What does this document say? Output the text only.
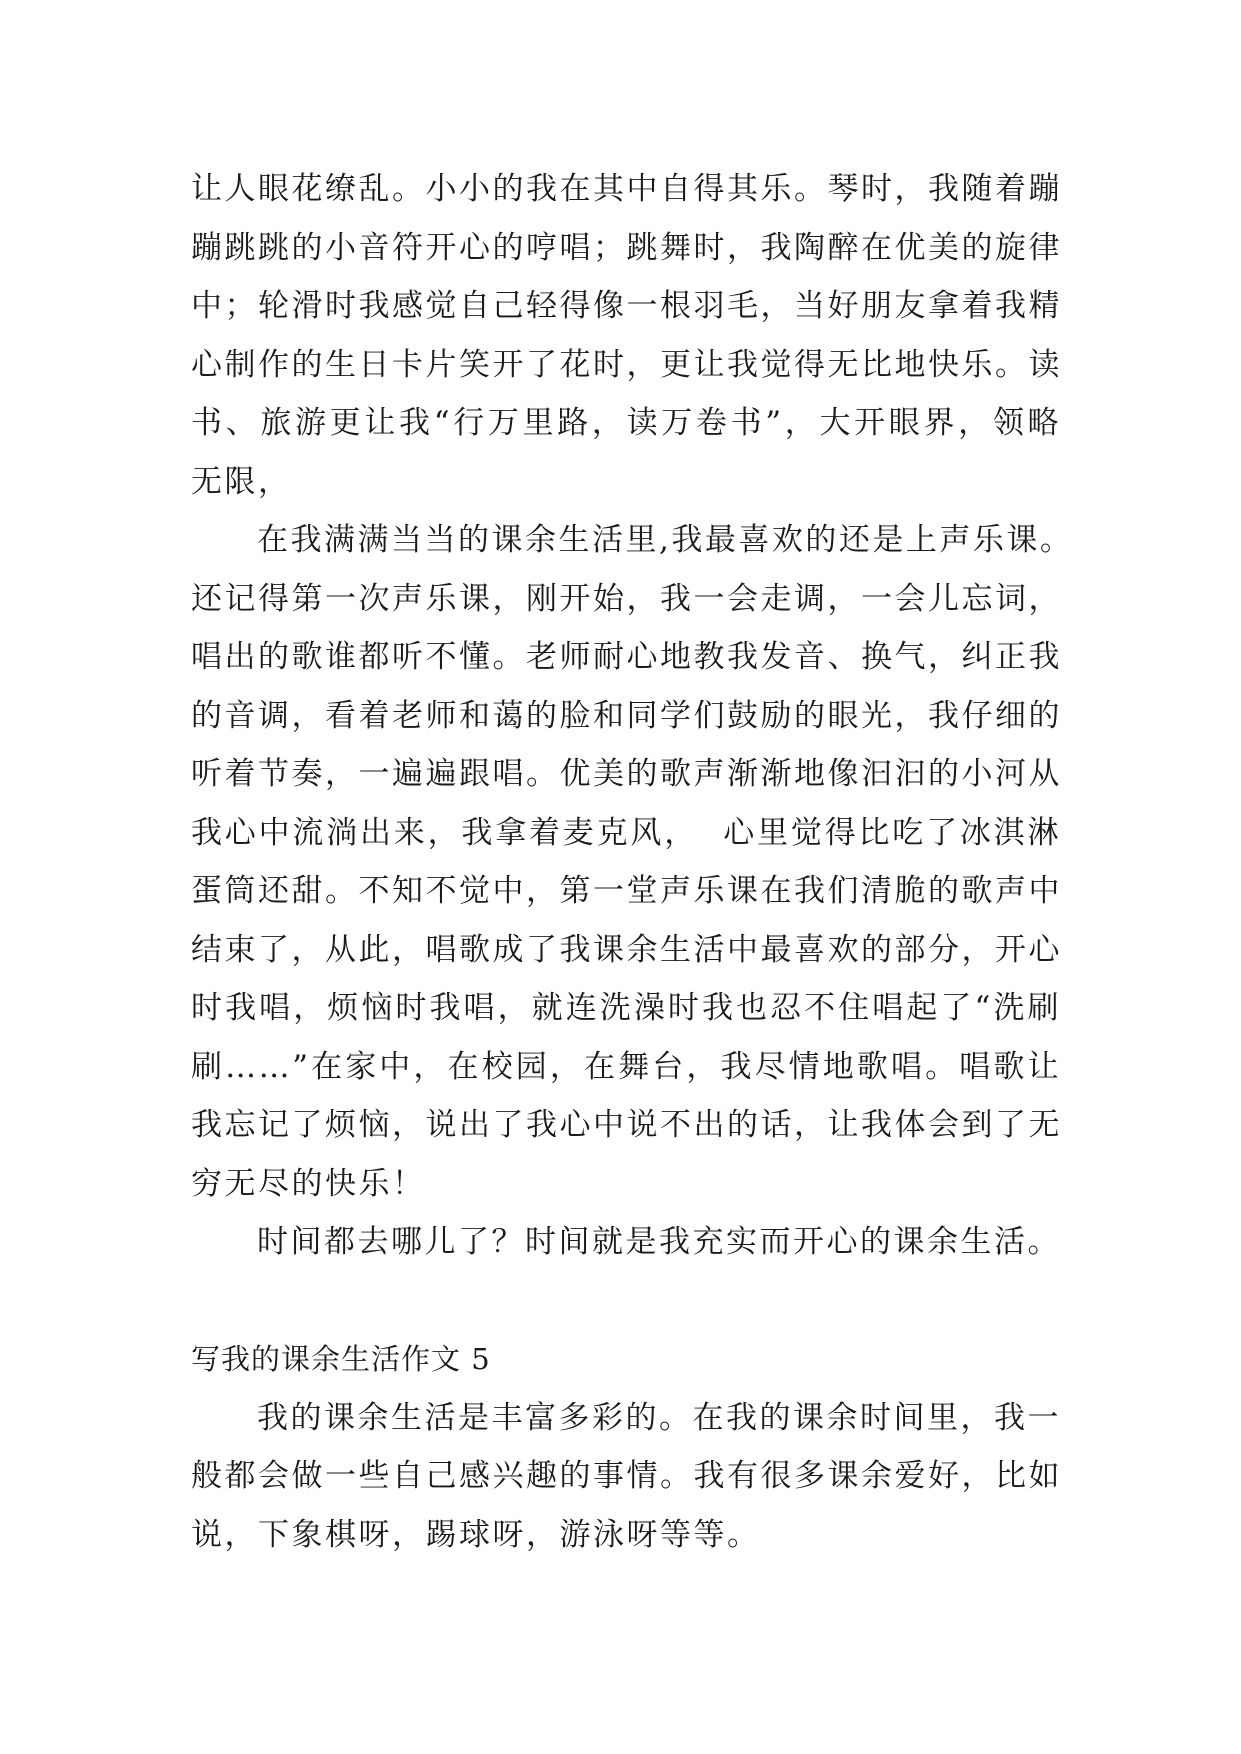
让人眼花缭乱。小小的我在其中自得其乐。琴时，我随着蹦
蹦跳跳的小音符开心的哼唱；跳舞时，我陶醉在优美的旋律
中；轮滑时我感觉自己轻得像一根羽毛，当好朋友拿着我精
心制作的生日卡片笑开了花时，更让我觉得无比地快乐。读
书、旅游更让我“行万里路，读万卷书”，大开眼界，领略
无限，
在我满满当当的课余生活里,我最喜欢的还是上声乐课。
还记得第一次声乐课，刚开始，我一会走调，一会儿忘词，
唱出的歌谁都听不懂。老师耐心地教我发音、换气，纠正我
的音调，看着老师和蔼的脸和同学们鼓励的眼光，我仔细的
听着节奏，一遍遍跟唱。优美的歌声渐渐地像汩汩的小河从
我心中流淌出来，我拿着麦克风，  心里觉得比吃了冰淇淋
蛋筒还甜。不知不觉中，第一堂声乐课在我们清脆的歌声中
结束了，从此，唱歌成了我课余生活中最喜欢的部分，开心
时我唱，烦恼时我唱，就连洗澡时我也忍不住唱起了“洗刷
刷……”在家中，在校园，在舞台，我尽情地歌唱。唱歌让
我忘记了烦恼，说出了我心中说不出的话，让我体会到了无
穷无尽的快乐！
时间都去哪儿了？时间就是我充实而开心的课余生活。
写我的课余生活作文 5
我的课余生活是丰富多彩的。在我的课余时间里，我一
般都会做一些自己感兴趣的事情。我有很多课余爱好，比如
说，下象棋呀，踢球呀，游泳呀等等。
